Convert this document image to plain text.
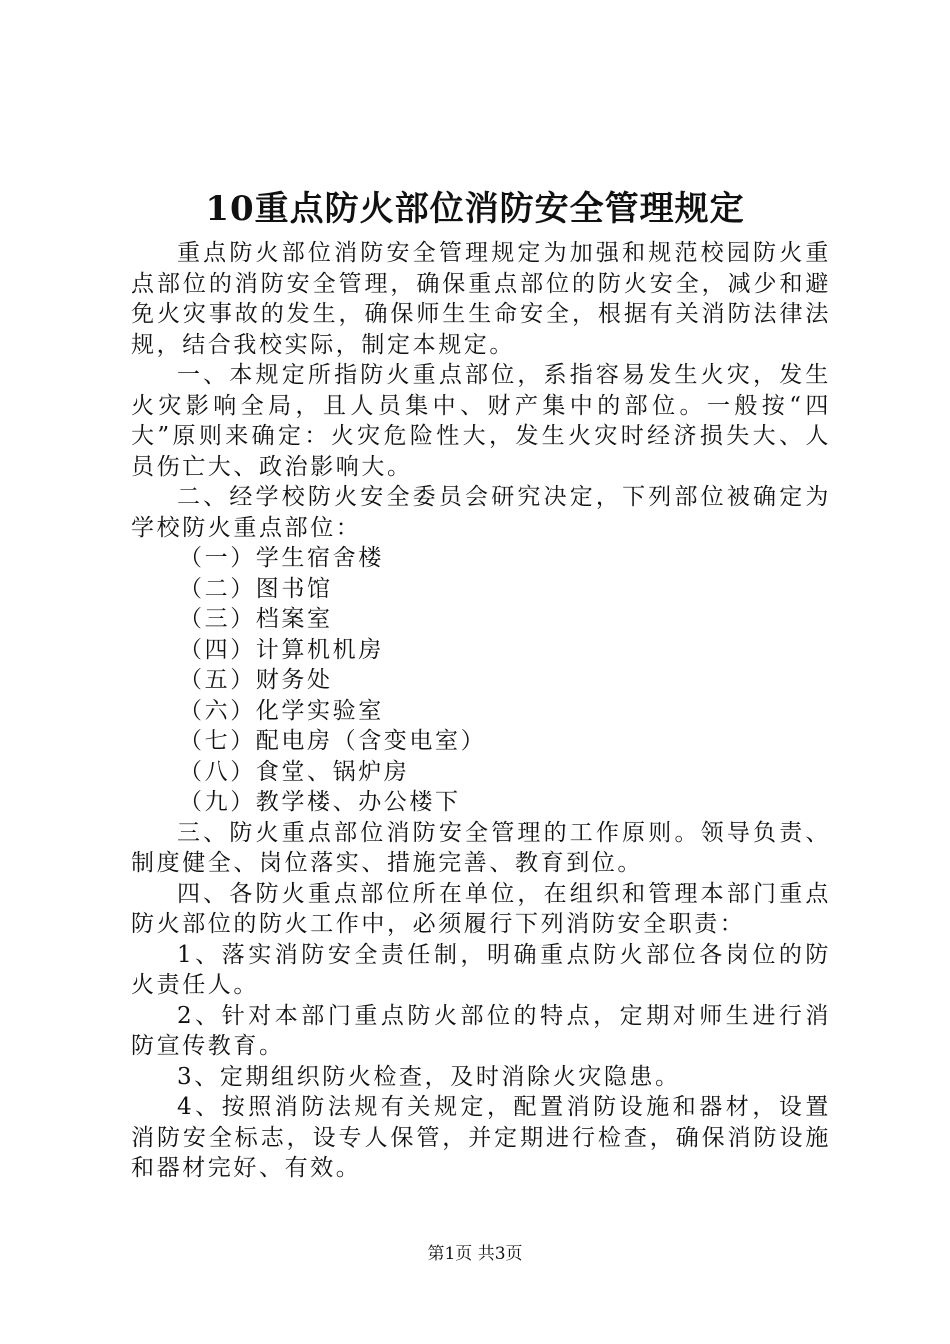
10重点防火部位消防安全管理规定

重点防火部位消防安全管理规定为加强和规范校园防火重点部位的消防安全管理，确保重点部位的防火安全，减少和避免火灾事故的发生，确保师生生命安全，根据有关消防法律法规，结合我校实际，制定本规定。

一、本规定所指防火重点部位，系指容易发生火灾，发生火灾影响全局，且人员集中、财产集中的部位。一般按“四大”原则来确定：火灾危险性大，发生火灾时经济损失大、人员伤亡大、政治影响大。

二、经学校防火安全委员会研究决定，下列部位被确定为学校防火重点部位：

（一）学生宿舍楼

（二）图书馆

（三）档案室

（四）计算机机房

（五）财务处

（六）化学实验室

（七）配电房（含变电室）

（八）食堂、锅炉房

（九）教学楼、办公楼下

三、防火重点部位消防安全管理的工作原则。领导负责、制度健全、岗位落实、措施完善、教育到位。

四、各防火重点部位所在单位，在组织和管理本部门重点防火部位的防火工作中，必须履行下列消防安全职责：

1、落实消防安全责任制，明确重点防火部位各岗位的防火责任人。

2、针对本部门重点防火部位的特点，定期对师生进行消防宣传教育。

3、定期组织防火检查，及时消除火灾隐患。

4、按照消防法规有关规定，配置消防设施和器材，设置消防安全标志，设专人保管，并定期进行检查，确保消防设施和器材完好、有效。

第1页 共3页
